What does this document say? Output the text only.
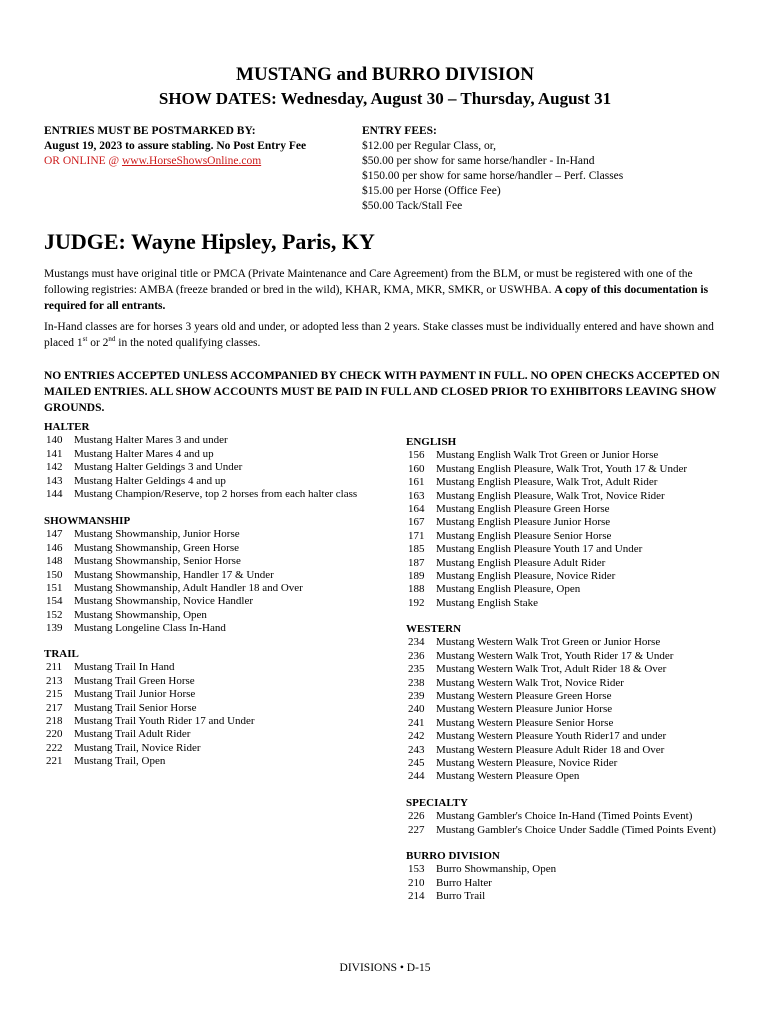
MUSTANG and BURRO DIVISION
SHOW DATES: Wednesday, August 30 – Thursday, August 31
ENTRIES MUST BE POSTMARKED BY:
August 19, 2023 to assure stabling. No Post Entry Fee
OR ONLINE @ www.HorseShowsOnline.com
ENTRY FEES:
$12.00 per Regular Class, or,
$50.00 per show for same horse/handler - In-Hand
$150.00 per show for same horse/handler – Perf. Classes
$15.00 per Horse (Office Fee)
$50.00 Tack/Stall Fee
JUDGE: Wayne Hipsley, Paris, KY
Mustangs must have original title or PMCA (Private Maintenance and Care Agreement) from the BLM, or must be registered with one of the following registries: AMBA (freeze branded or bred in the wild), KHAR, KMA, MKR, SMKR, or USWHBA. A copy of this documentation is required for all entrants.
In-Hand classes are for horses 3 years old and under, or adopted less than 2 years. Stake classes must be individually entered and have shown and placed 1st or 2nd in the noted qualifying classes.
NO ENTRIES ACCEPTED UNLESS ACCOMPANIED BY CHECK WITH PAYMENT IN FULL. NO OPEN CHECKS ACCEPTED ON MAILED ENTRIES. ALL SHOW ACCOUNTS MUST BE PAID IN FULL AND CLOSED PRIOR TO EXHIBITORS LEAVING SHOW GROUNDS.
HALTER
140	Mustang Halter Mares 3 and under
141	Mustang Halter Mares 4 and up
142	Mustang Halter Geldings 3 and Under
143	Mustang Halter Geldings 4 and up
144	Mustang Champion/Reserve, top 2 horses from each halter class
SHOWMANSHIP
147	Mustang Showmanship, Junior Horse
146	Mustang Showmanship, Green Horse
148	Mustang Showmanship, Senior Horse
150	Mustang Showmanship, Handler 17 & Under
151	Mustang Showmanship, Adult Handler 18 and Over
154	Mustang Showmanship, Novice Handler
152	Mustang Showmanship, Open
139	Mustang Longeline Class In-Hand
TRAIL
211	Mustang Trail In Hand
213	Mustang Trail Green Horse
215	Mustang Trail Junior Horse
217	Mustang Trail Senior Horse
218	Mustang Trail Youth Rider 17 and Under
220	Mustang Trail Adult Rider
222	Mustang Trail, Novice Rider
221	Mustang Trail, Open
ENGLISH
156	Mustang English Walk Trot Green or Junior Horse
160	Mustang English Pleasure, Walk Trot, Youth 17 & Under
161	Mustang English Pleasure, Walk Trot, Adult Rider
163	Mustang English Pleasure, Walk Trot, Novice Rider
164	Mustang English Pleasure Green Horse
167	Mustang English Pleasure Junior Horse
171	Mustang English Pleasure Senior Horse
185	Mustang English Pleasure Youth 17 and Under
187	Mustang English Pleasure Adult Rider
189	Mustang English Pleasure, Novice Rider
188	Mustang English Pleasure, Open
192	Mustang English Stake
WESTERN
234	Mustang Western Walk Trot Green or Junior Horse
236	Mustang Western Walk Trot, Youth Rider 17 & Under
235	Mustang Western Walk Trot, Adult Rider 18 & Over
238	Mustang Western Walk Trot, Novice Rider
239	Mustang Western Pleasure Green Horse
240	Mustang Western Pleasure Junior Horse
241	Mustang Western Pleasure Senior Horse
242	Mustang Western Pleasure Youth Rider17 and under
243	Mustang Western Pleasure Adult Rider 18 and Over
245	Mustang Western Pleasure, Novice Rider
244	Mustang Western Pleasure Open
SPECIALTY
226	Mustang Gambler's Choice In-Hand (Timed Points Event)
227	Mustang Gambler's Choice Under Saddle (Timed Points Event)
BURRO DIVISION
153	Burro Showmanship, Open
210	Burro Halter
214	Burro Trail
DIVISIONS • D-15
